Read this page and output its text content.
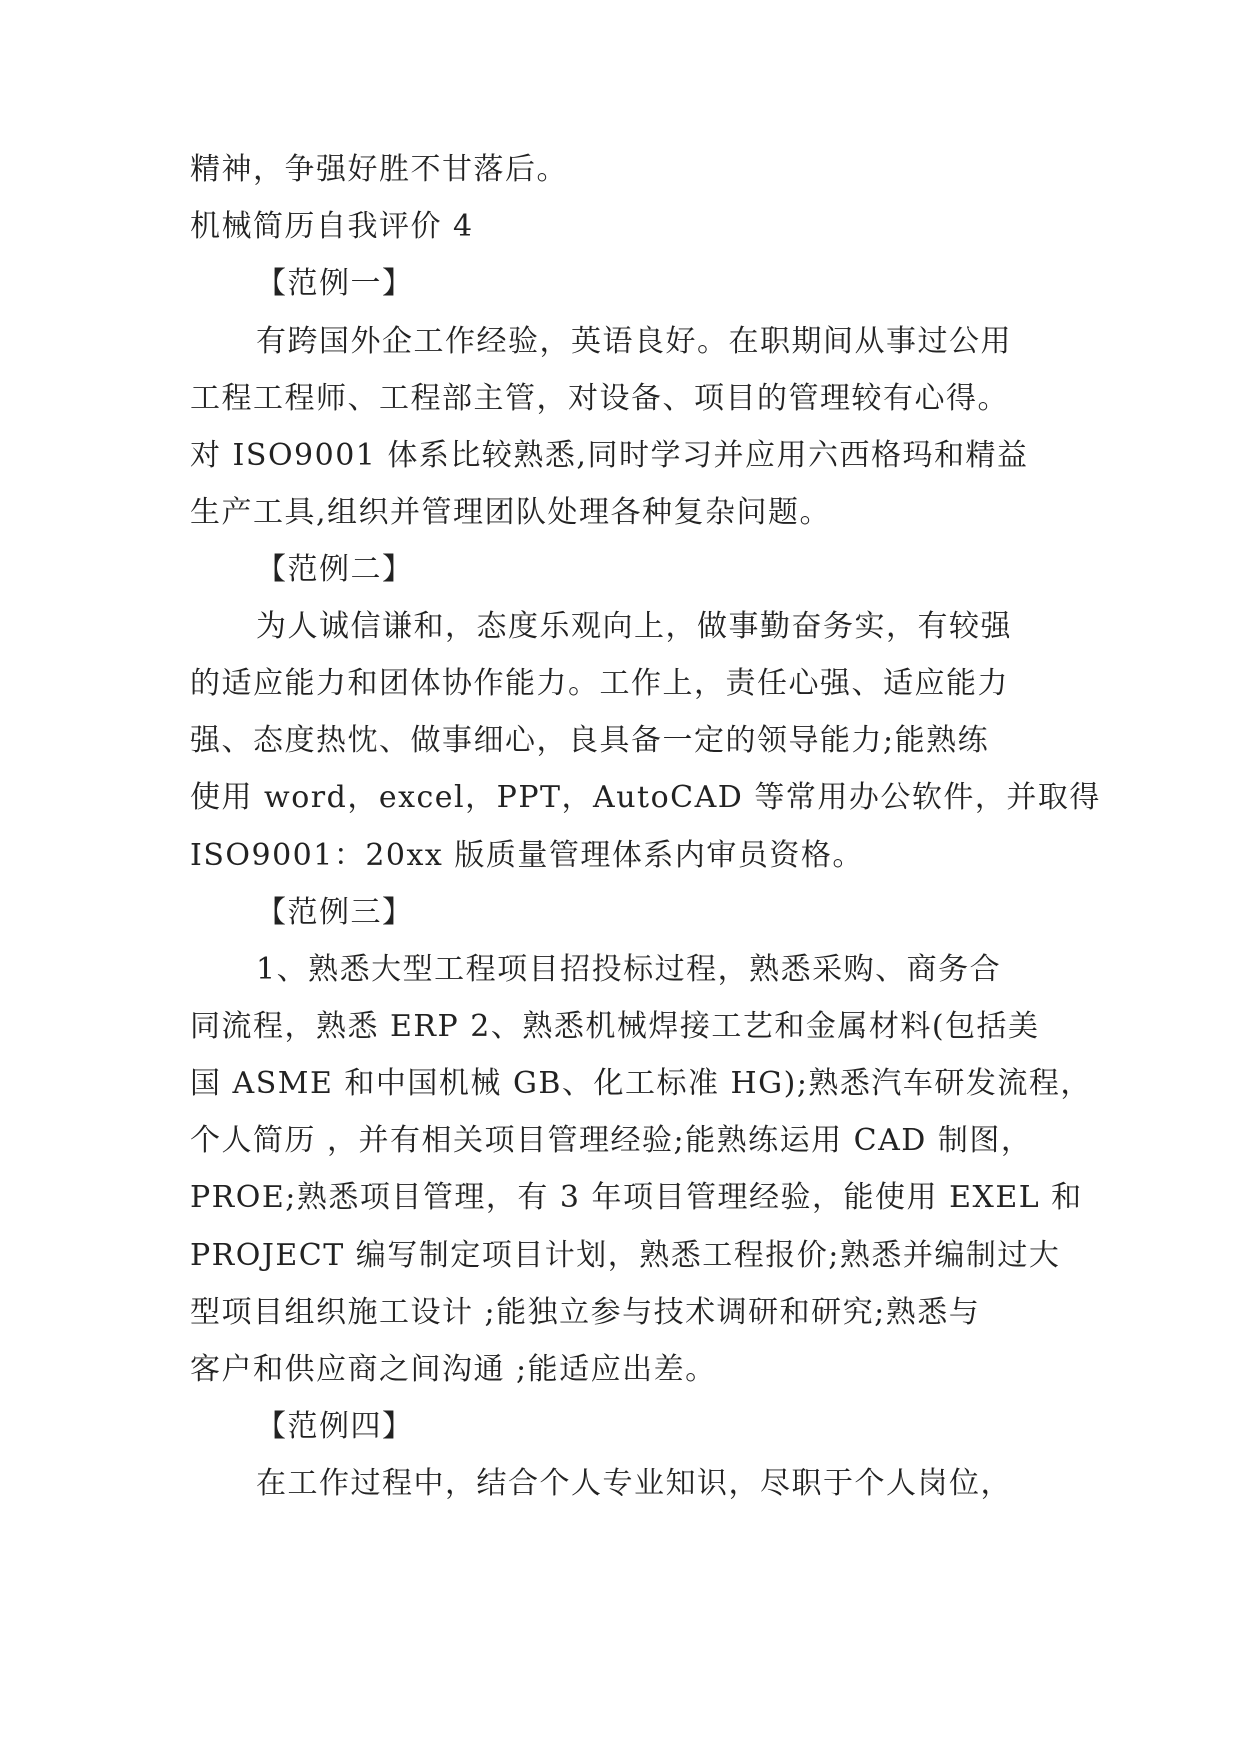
精神，争强好胜不甘落后。

机械简历自我评价 4

【范例一】

有跨国外企工作经验，英语良好。在职期间从事过公用

工程工程师、工程部主管，对设备、项目的管理较有心得。

对 ISO9001 体系比较熟悉,同时学习并应用六西格玛和精益

生产工具,组织并管理团队处理各种复杂问题。

【范例二】

为人诚信谦和，态度乐观向上，做事勤奋务实，有较强

的适应能力和团体协作能力。工作上，责任心强、适应能力

强、态度热忱、做事细心，良具备一定的领导能力;能熟练

使用 word，excel，PPT，AutoCAD 等常用办公软件，并取得

ISO9001：20xx 版质量管理体系内审员资格。

【范例三】

1、熟悉大型工程项目招投标过程，熟悉采购、商务合

同流程，熟悉 ERP 2、熟悉机械焊接工艺和金属材料(包括美

国 ASME 和中国机械 GB、化工标准 HG);熟悉汽车研发流程，

个人简历 ，并有相关项目管理经验;能熟练运用 CAD 制图，

PROE;熟悉项目管理，有 3 年项目管理经验，能使用 EXEL 和

PROJECT 编写制定项目计划，熟悉工程报价;熟悉并编制过大

型项目组织施工设计 ;能独立参与技术调研和研究;熟悉与

客户和供应商之间沟通 ;能适应出差。

【范例四】

在工作过程中，结合个人专业知识，尽职于个人岗位，
